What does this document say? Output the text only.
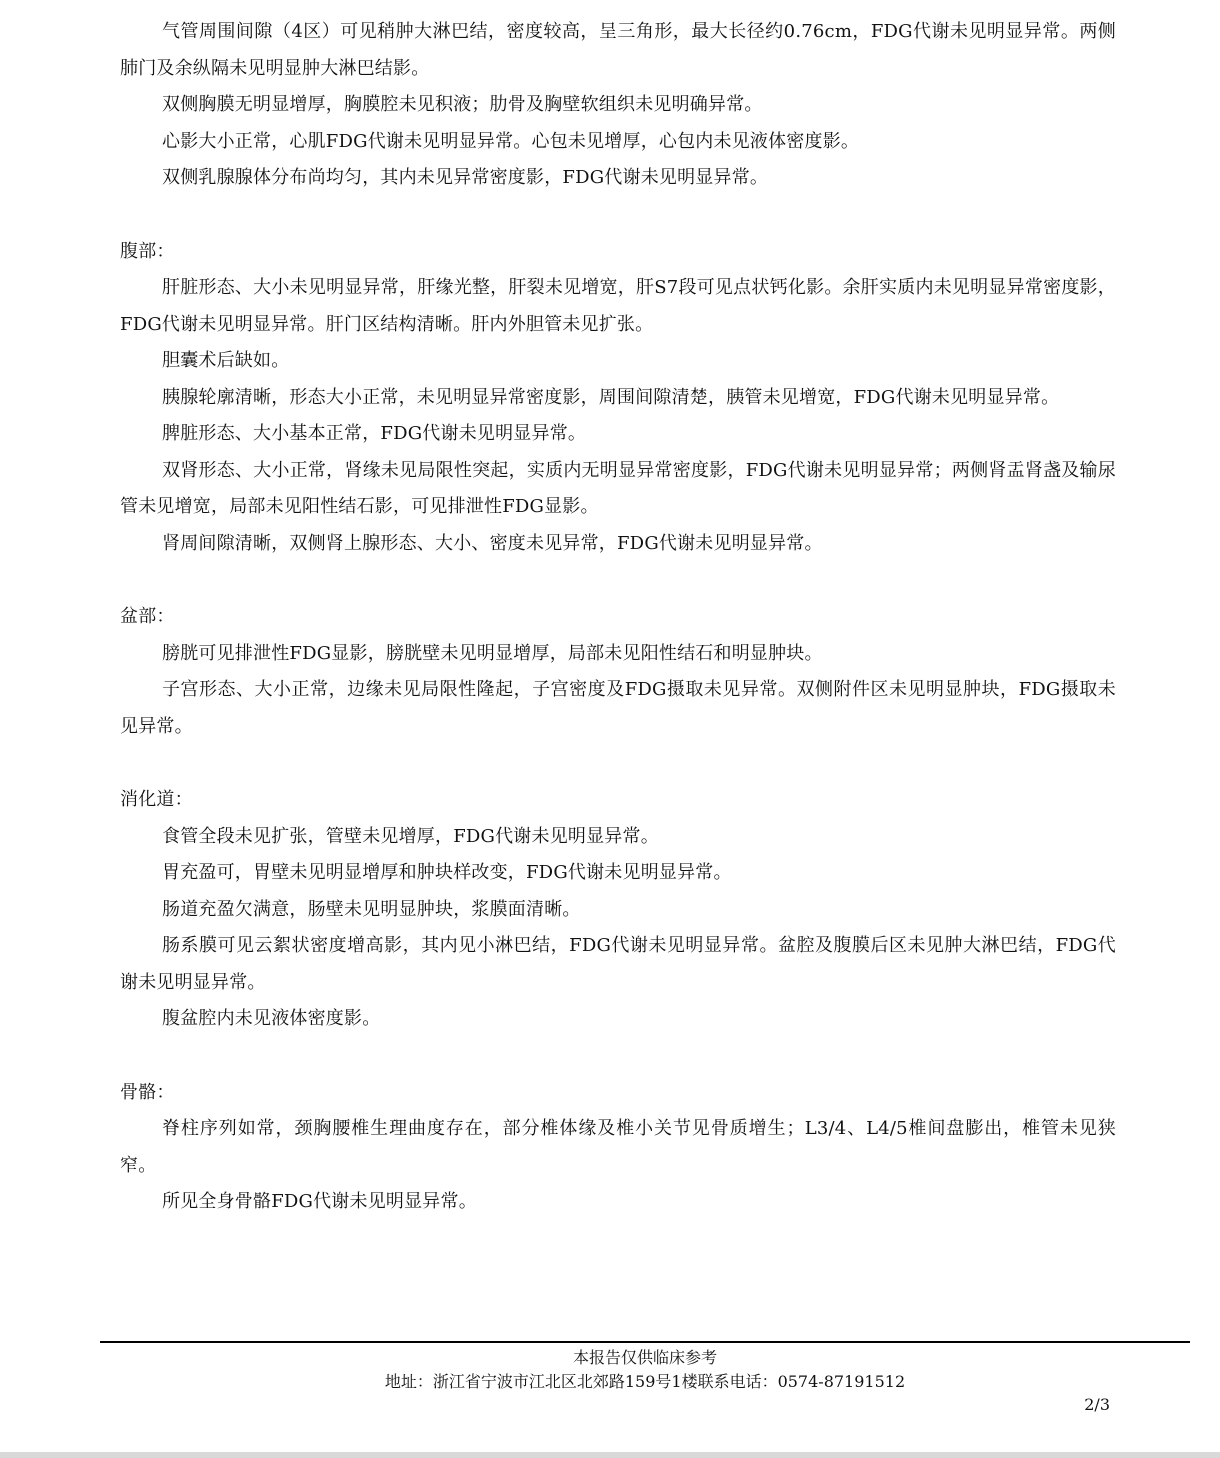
气管周围间隙（4区）可见稍肿大淋巴结，密度较高，呈三角形，最大长径约0.76cm，FDG代谢未见明显异常。两侧肺门及余纵隔未见明显肿大淋巴结影。

双侧胸膜无明显增厚，胸膜腔未见积液；肋骨及胸壁软组织未见明确异常。

心影大小正常，心肌FDG代谢未见明显异常。心包未见增厚，心包内未见液体密度影。

双侧乳腺腺体分布尚均匀，其内未见异常密度影，FDG代谢未见明显异常。

腹部：

肝脏形态、大小未见明显异常，肝缘光整，肝裂未见增宽，肝S7段可见点状钙化影。余肝实质内未见明显异常密度影，FDG代谢未见明显异常。肝门区结构清晰。肝内外胆管未见扩张。

胆囊术后缺如。

胰腺轮廓清晰，形态大小正常，未见明显异常密度影，周围间隙清楚，胰管未见增宽，FDG代谢未见明显异常。

脾脏形态、大小基本正常，FDG代谢未见明显异常。

双肾形态、大小正常，肾缘未见局限性突起，实质内无明显异常密度影，FDG代谢未见明显异常；两侧肾盂肾盏及输尿管未见增宽，局部未见阳性结石影，可见排泄性FDG显影。

肾周间隙清晰，双侧肾上腺形态、大小、密度未见异常，FDG代谢未见明显异常。

盆部：

膀胱可见排泄性FDG显影，膀胱壁未见明显增厚，局部未见阳性结石和明显肿块。

子宫形态、大小正常，边缘未见局限性隆起，子宫密度及FDG摄取未见异常。双侧附件区未见明显肿块，FDG摄取未见异常。

消化道：

食管全段未见扩张，管壁未见增厚，FDG代谢未见明显异常。

胃充盈可，胃壁未见明显增厚和肿块样改变，FDG代谢未见明显异常。

肠道充盈欠满意，肠壁未见明显肿块，浆膜面清晰。

肠系膜可见云絮状密度增高影，其内见小淋巴结，FDG代谢未见明显异常。盆腔及腹膜后区未见肿大淋巴结，FDG代谢未见明显异常。

腹盆腔内未见液体密度影。

骨骼：

脊柱序列如常，颈胸腰椎生理曲度存在，部分椎体缘及椎小关节见骨质增生；L3/4、L4/5椎间盘膨出，椎管未见狭窄。

所见全身骨骼FDG代谢未见明显异常。

本报告仅供临床参考
地址：浙江省宁波市江北区北郊路159号1楼联系电话：0574-87191512
2/3
